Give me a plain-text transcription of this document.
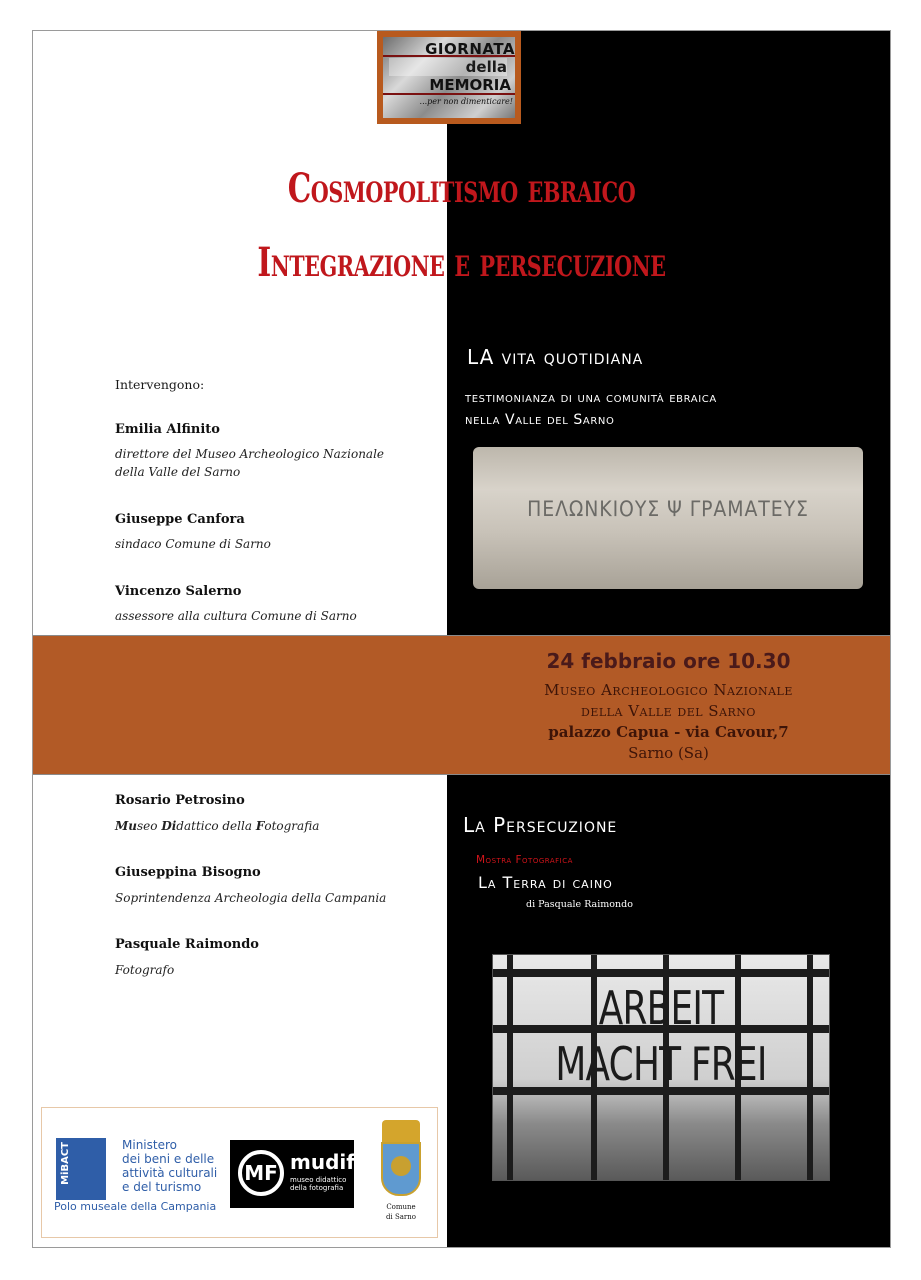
GIORNATA
della
MEMORIA
...per non dimenticare!
Cosmopolitismo ebraico
Integrazione e persecuzione
Intervengono:
Emilia Alfinito
direttore del Museo Archeologico Nazionale della Valle del Sarno
Giuseppe Canfora
sindaco Comune di Sarno
Vincenzo Salerno
assessore alla cultura Comune di Sarno
LA vita quotidiana
testimonianza di una comunità ebraica
nella Valle del Sarno
ΠΕΛΩΝΚΙΟΥΣ Ψ ΓΡΑΜΑΤΕΥΣ
24 febbraio ore 10.30
Museo Archeologico Nazionale
della Valle del Sarno
palazzo Capua - via Cavour,7
Sarno (Sa)
Rosario Petrosino
Museo Didattico della Fotografia
Giuseppina Bisogno
Soprintendenza Archeologia della Campania
Pasquale Raimondo
Fotografo
La Persecuzione
Mostra Fotografica
La Terra di caino
di Pasquale Raimondo
ARBEIT
MACHT FREI
MiBACT	Ministero
dei beni e delle
attività culturali
e del turismo
Polo museale della Campania
MF mudif
museo didattico
della fotografia
Comune
di Sarno
